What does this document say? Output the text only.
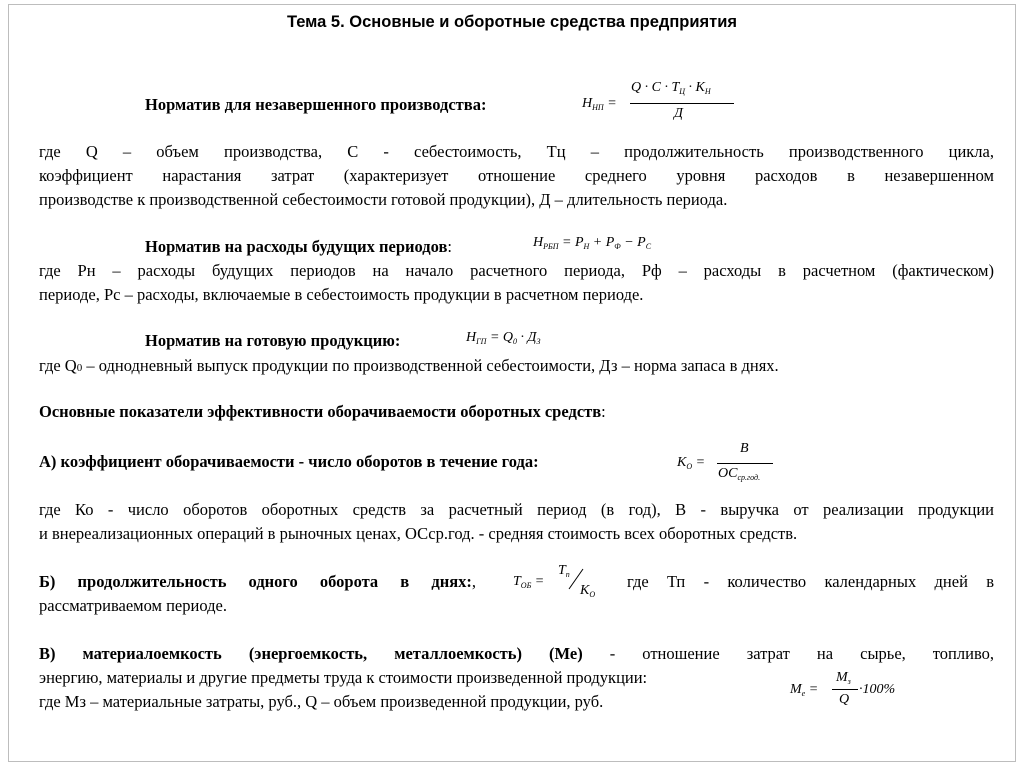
Тема 5. Основные и оборотные средства предприятия
Норматив для незавершенного производства:	$Н_{НП}$ =
$Q \cdot C \cdot T_Ц \cdot K_Н$
Д
где Q – объем производства, С - себестоимость, Тц – продолжительность производственного цикла,
коэффициент нарастания затрат (характеризует отношение среднего уровня расходов в незавершенном
производстве к производственной себестоимости готовой продукции), Д – длительность периода.
Норматив на расходы будущих периодов:	$Н_{РБП} = Р_Н + Р_Ф - Р_С$
где Рн – расходы будущих периодов на начало расчетного периода, Рф – расходы в расчетном (фактическом)
периоде, Рс – расходы, включаемые в себестоимость продукции в расчетном периоде.
Норматив на готовую продукцию:	$Н_{ГП} = Q_0 \cdot Д_З$
где Q0 – однодневный выпуск продукции по производственной себестоимости, Дз – норма запаса в днях.
Основные показатели эффективности оборачиваемости оборотных средств:
А) коэффициент оборачиваемости - число оборотов в течение года:	$K_О$ =
В
$ОС_{ср.год.}$
где Ко - число оборотов оборотных средств за расчетный период (в год), В - выручка от реализации продукции
и внереализационных операций в рыночных ценах, ОСср.год. - средняя стоимость всех оборотных средств.
Б) продолжительность одного оборота в днях:,	где Тп - количество календарных дней в
рассматриваемом периоде.
$T_{ОБ}$ =
$T_п$
$K_О$
В) материалоемкость (энергоемкость, металлоемкость) (Ме) - отношение затрат на сырье, топливо,
энергию, материалы и другие предметы труда к стоимости произведенной продукции:
где Мз – материальные затраты, руб., Q – объем произведенной продукции, руб.
$M_е$ =
$M_з$
Q
·100%
